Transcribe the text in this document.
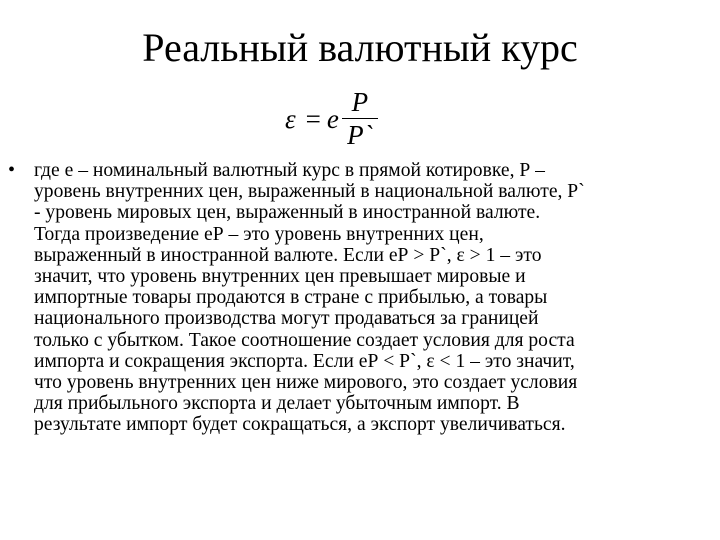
Реальный валютный курс
ε = e $\frac{P}{P`}$
• где е – номинальный валютный курс в прямой котировке, Р –
уровень внутренних цен, выраженный в национальной валюте, Р`
- уровень мировых цен, выраженный в иностранной валюте.
Тогда произведение еР – это уровень внутренних цен,
выраженный в иностранной валюте. Если еР > Р`, ε > 1 – это
значит, что уровень внутренних цен превышает мировые и
импортные товары продаются в стране с прибылью, а товары
национального производства могут продаваться за границей
только с убытком. Такое соотношение создает условия для роста
импорта и сокращения экспорта. Если еР < Р`, ε < 1 – это значит,
что уровень внутренних цен ниже мирового, это создает условия
для прибыльного экспорта и делает убыточным импорт. В
результате импорт будет сокращаться, а экспорт увеличиваться.
